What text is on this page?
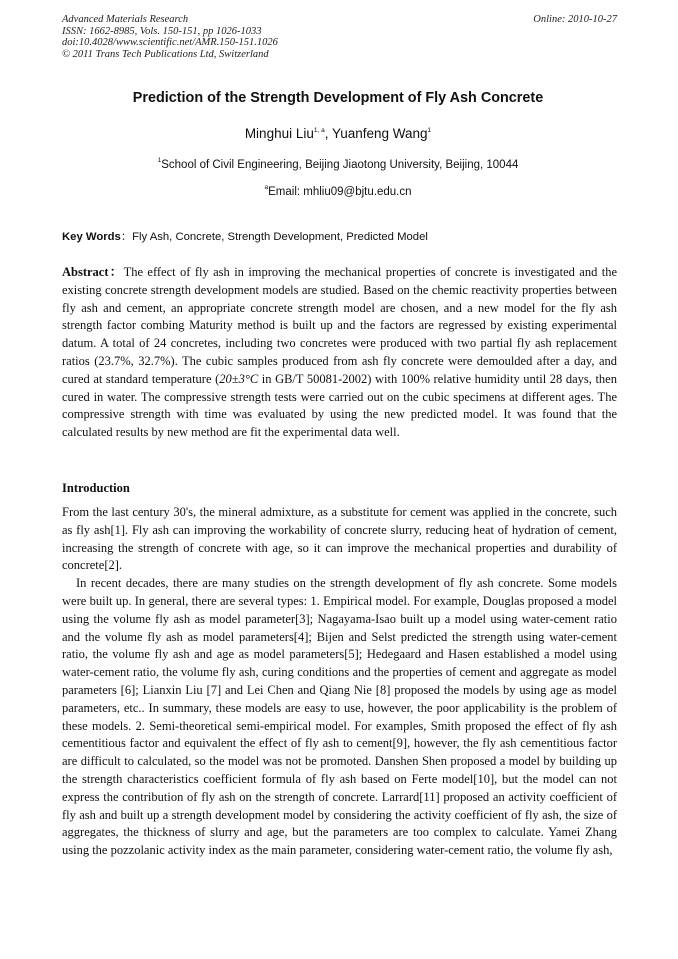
Advanced Materials Research
ISSN: 1662-8985, Vols. 150-151, pp 1026-1033
doi:10.4028/www.scientific.net/AMR.150-151.1026
© 2011 Trans Tech Publications Ltd, Switzerland
Online: 2010-10-27
Prediction of the Strength Development of Fly Ash Concrete
Minghui Liu$^{1, a}$, Yuanfeng Wang$^1$
$^1$School of Civil Engineering, Beijing Jiaotong University, Beijing, 10044
$^a$Email: mhliu09@bjtu.edu.cn
Key Words：Fly Ash, Concrete, Strength Development, Predicted Model

Abstract：The effect of fly ash in improving the mechanical properties of concrete is investigated and the existing concrete strength development models are studied. Based on the chemic reactivity properties between fly ash and cement, an appropriate concrete strength model are chosen, and a new model for the fly ash strength factor combing Maturity method is built up and the factors are regressed by existing experimental datum. A total of 24 concretes, including two concretes were produced with two partial fly ash replacement ratios (23.7%, 32.7%). The cubic samples produced from ash fly concrete were demoulded after a day, and cured at standard temperature (20±3°C in GB/T 50081-2002) with 100% relative humidity until 28 days, then cured in water. The compressive strength tests were carried out on the cubic specimens at different ages. The compressive strength with time was evaluated by using the new predicted model. It was found that the calculated results by new method are fit the experimental data well.

Introduction

From the last century 30's, the mineral admixture, as a substitute for cement was applied in the concrete, such as fly ash[1]. Fly ash can improving the workability of concrete slurry, reducing heat of hydration of cement, increasing the strength of concrete with age, so it can improve the mechanical properties and durability of concrete[2].

In recent decades, there are many studies on the strength development of fly ash concrete. Some models were built up. In general, there are several types: 1. Empirical model. For example, Douglas proposed a model using the volume fly ash as model parameter[3]; Nagayama-Isao built up a model using water-cement ratio and the volume fly ash as model parameters[4]; Bijen and Selst predicted the strength using water-cement ratio, the volume fly ash and age as model parameters[5]; Hedegaard and Hasen established a model using water-cement ratio, the volume fly ash, curing conditions and the properties of cement and aggregate as model parameters [6]; Lianxin Liu [7] and Lei Chen and Qiang Nie [8] proposed the models by using age as model parameters, etc.. In summary, these models are easy to use, however, the poor applicability is the problem of these models. 2. Semi-theoretical semi-empirical model. For examples, Smith proposed the effect of fly ash cementitious factor and equivalent the effect of fly ash to cement[9], however, the fly ash cementitious factor are difficult to calculated, so the model was not be promoted. Danshen Shen proposed a model by building up the strength characteristics coefficient formula of fly ash based on Ferte model[10], but the model can not express the contribution of fly ash on the strength of concrete. Larrard[11] proposed an activity coefficient of fly ash and built up a strength development model by considering the activity coefficient of fly ash, the size of aggregates, the thickness of slurry and age, but the parameters are too complex to calculate. Yamei Zhang using the pozzolanic activity index as the main parameter, considering water-cement ratio, the volume fly ash,
